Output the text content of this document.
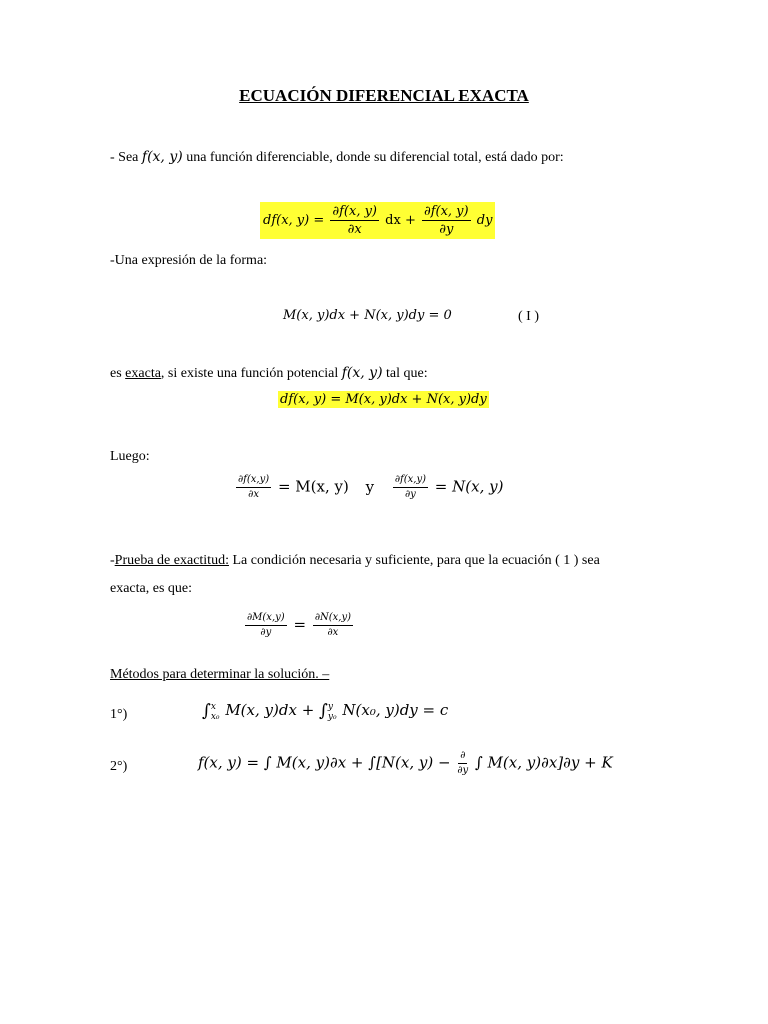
ECUACIÓN DIFERENCIAL EXACTA
- Sea f(x, y) una función diferenciable, donde su diferencial total, está dado por:
df(x, $y) = \frac{\partial f(x, y)}{\partial x}$ dx + $\frac{\partial f(x, y)}{\partial y}$ dy
-Una expresión de la forma:
M(x, y)dx + N(x, y)dy = 0	( I )
es exacta, si existe una función potencial f(x, y) tal que:
df(x, y) = M(x, y)dx + N(x, y)dy
Luego:
$\frac{\partial f(x,y)}{\partial x} = M(x$, y) y $\frac{\partial f(x,y)}{\partial y} = N(x$, y)
-Prueba de exactitud: La condición necesaria y suficiente, para que la ecuación ( 1 ) sea
exacta, es que:
$\frac{\partial M(x,y)}{\partial y} = \frac{\partial N(x,y)}{\partial x}$
Métodos para determinar la solución. –
1°)	∫ x
x₀ M(x, y)dx + ∫ y
y₀ N(x₀, y)dy = c
2°)	f(x, y) = ∫ M(x, y)∂x + ∫[N(x, $y) - \frac{\partial}{\partial y}$ ∫ M(x, y)∂x]∂y + K
